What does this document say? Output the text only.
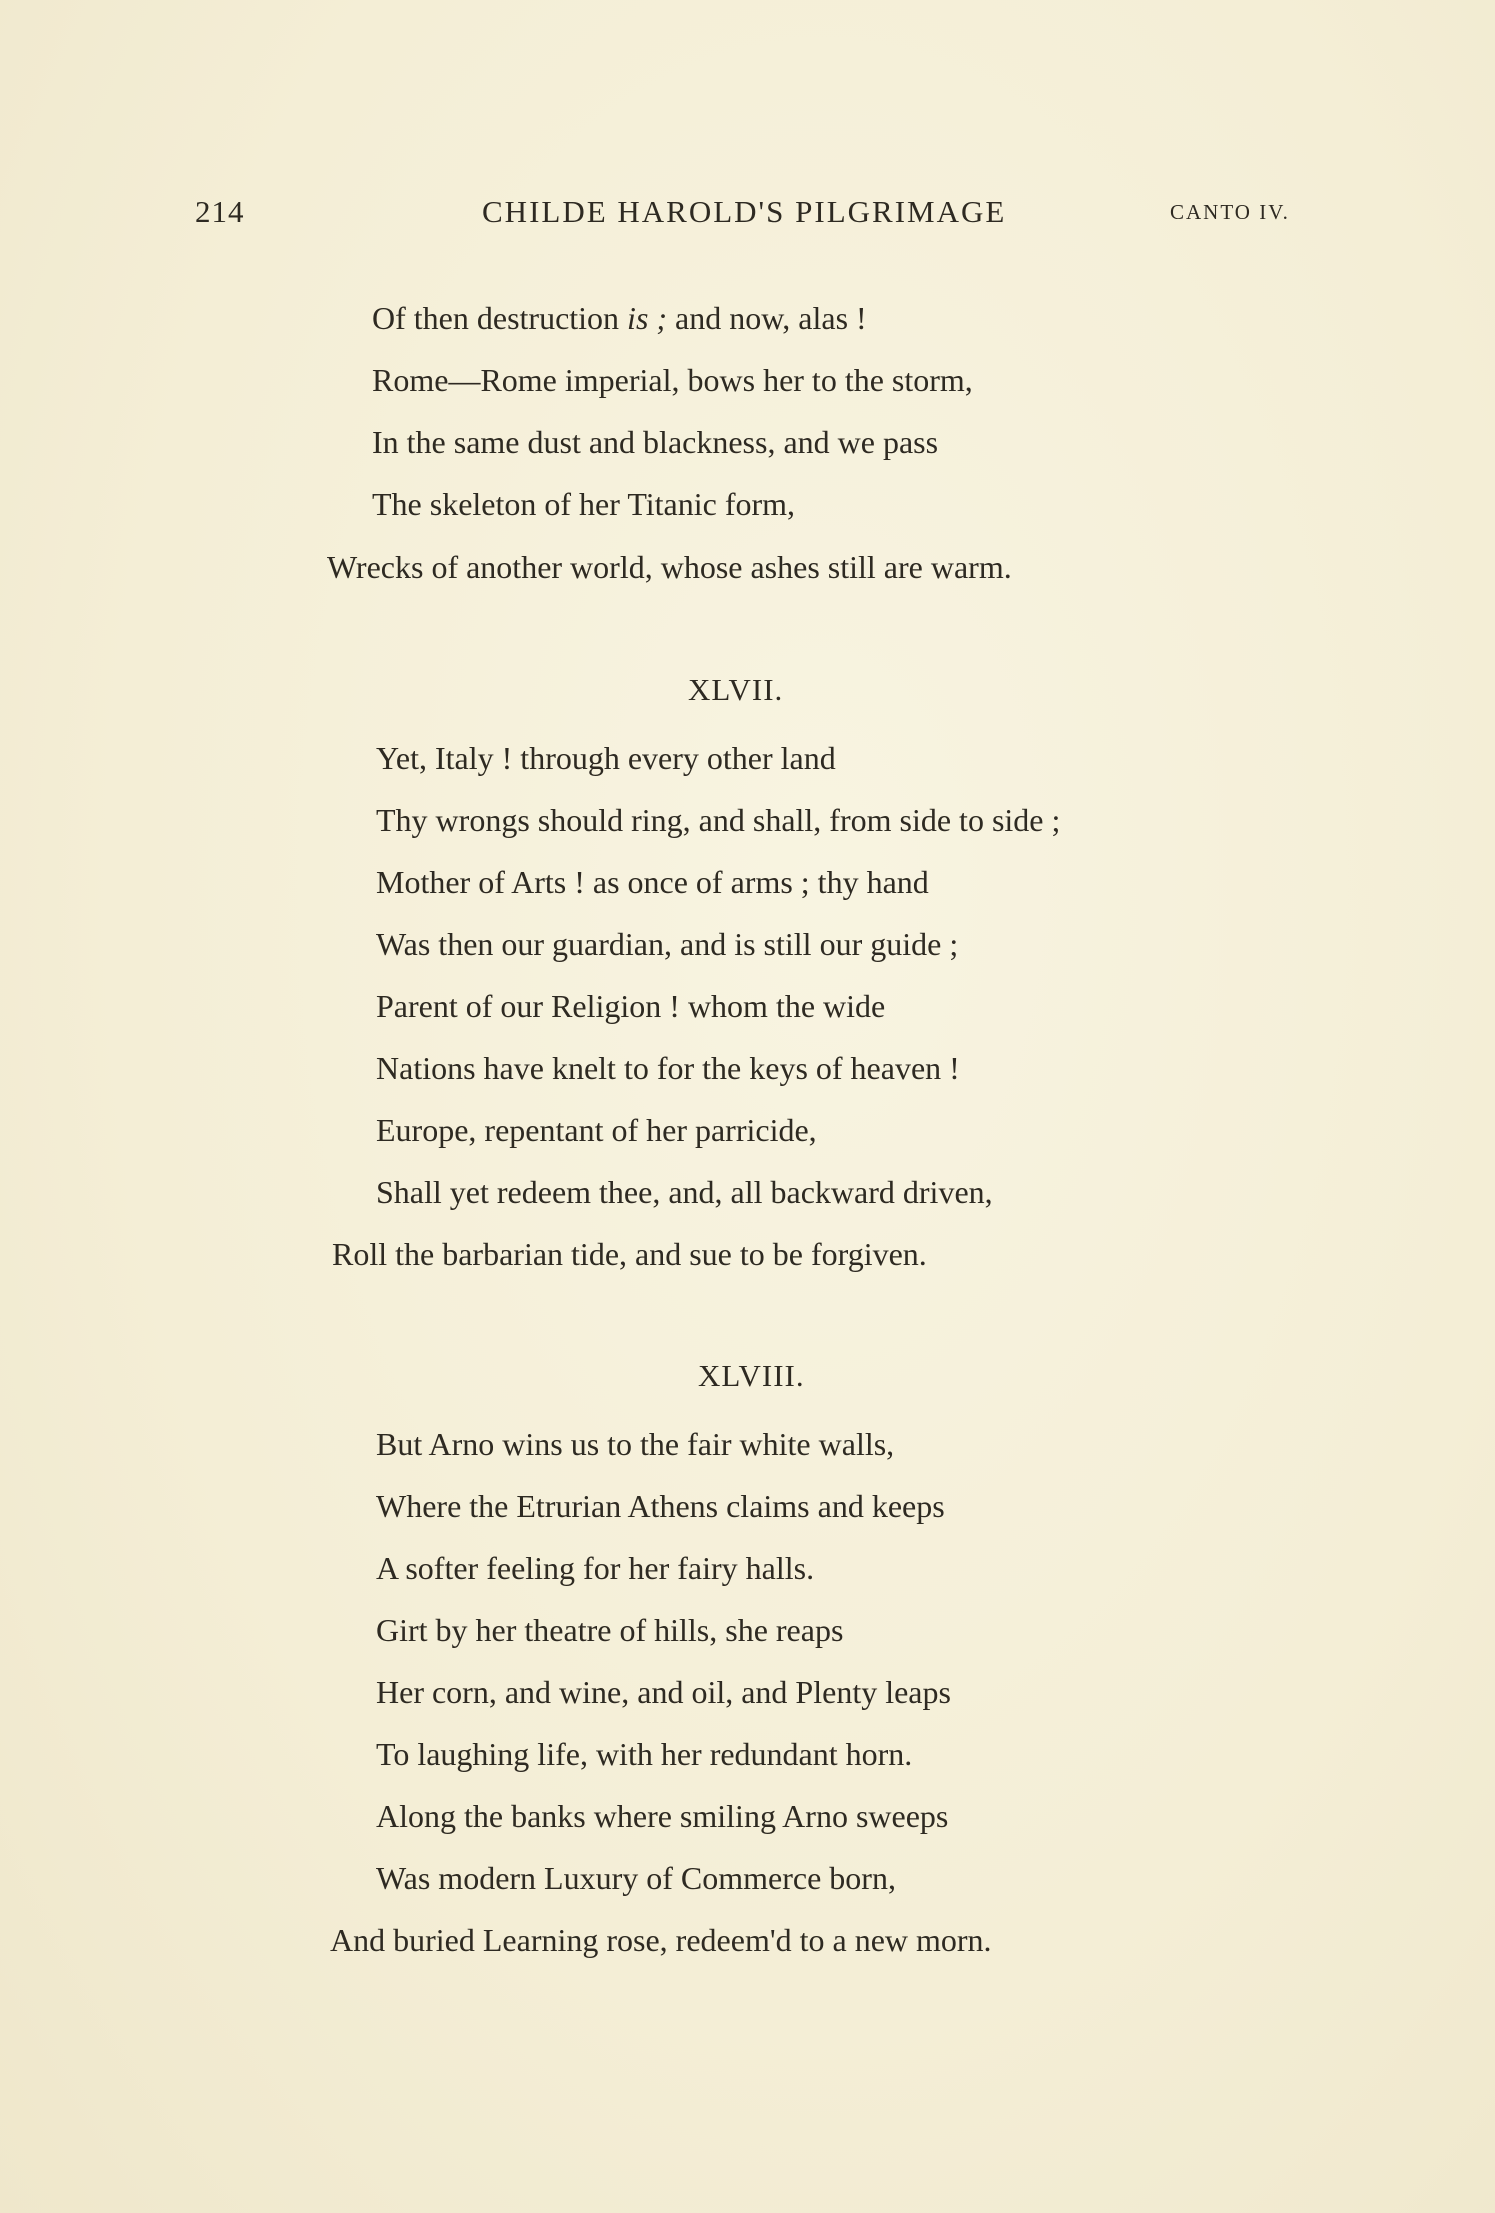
214	CHILDE HAROLD'S PILGRIMAGE	CANTO IV.
Of then destruction is ; and now, alas !
Rome—Rome imperial, bows her to the storm,
In the same dust and blackness, and we pass
The skeleton of her Titanic form,
Wrecks of another world, whose ashes still are warm.
XLVII.
Yet, Italy ! through every other land
Thy wrongs should ring, and shall, from side to side ;
Mother of Arts ! as once of arms ; thy hand
Was then our guardian, and is still our guide ;
Parent of our Religion ! whom the wide
Nations have knelt to for the keys of heaven !
Europe, repentant of her parricide,
Shall yet redeem thee, and, all backward driven,
Roll the barbarian tide, and sue to be forgiven.
XLVIII.
But Arno wins us to the fair white walls,
Where the Etrurian Athens claims and keeps
A softer feeling for her fairy halls.
Girt by her theatre of hills, she reaps
Her corn, and wine, and oil, and Plenty leaps
To laughing life, with her redundant horn.
Along the banks where smiling Arno sweeps
Was modern Luxury of Commerce born,
And buried Learning rose, redeem'd to a new morn.
